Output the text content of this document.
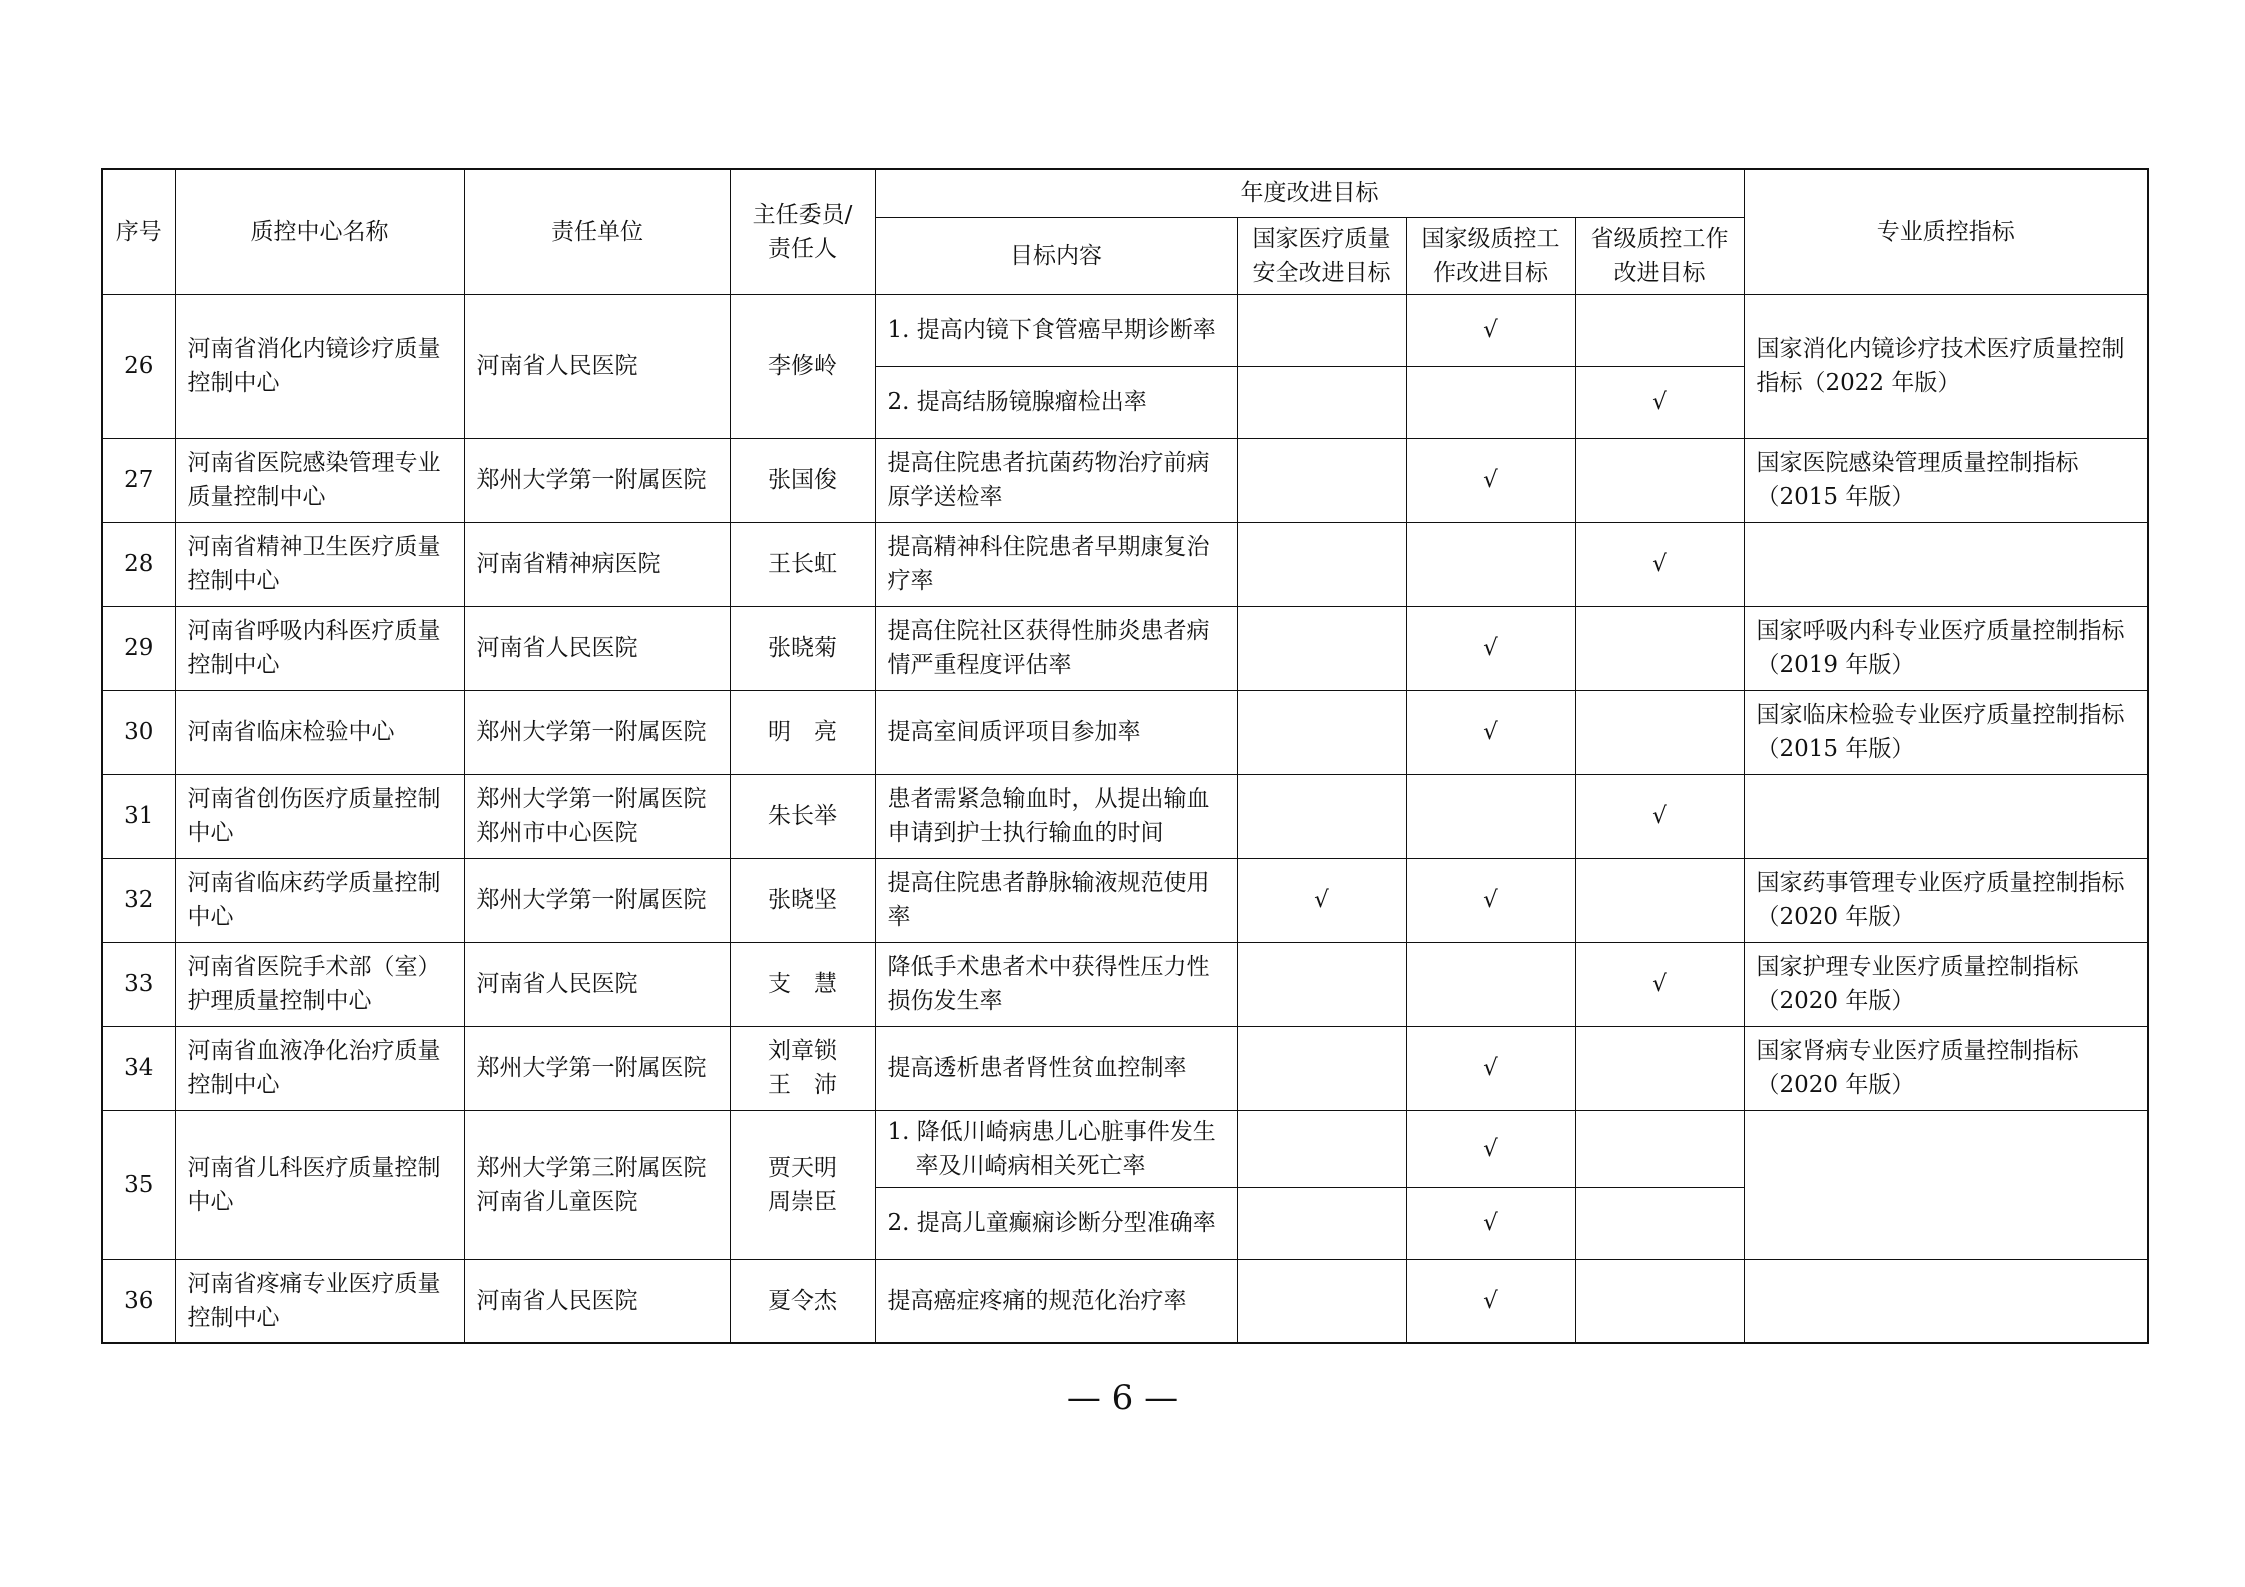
序号	质控中心名称	责任单位	主任委员/责任人	年度改进目标				专业质控指标
				目标内容	国家医疗质量安全改进目标	国家级质控工作改进目标	省级质控工作改进目标	
26	河南省消化内镜诊疗质量控制中心	河南省人民医院	李修岭	1. 提高内镜下食管癌早期诊断率		√		国家消化内镜诊疗技术医疗质量控制指标（2022 年版）
				2. 提高结肠镜腺瘤检出率			√	
27	河南省医院感染管理专业质量控制中心	郑州大学第一附属医院	张国俊	提高住院患者抗菌药物治疗前病原学送检率		√		国家医院感染管理质量控制指标（2015 年版）
28	河南省精神卫生医疗质量控制中心	河南省精神病医院	王长虹	提高精神科住院患者早期康复治疗率			√	
29	河南省呼吸内科医疗质量控制中心	河南省人民医院	张晓菊	提高住院社区获得性肺炎患者病情严重程度评估率		√		国家呼吸内科专业医疗质量控制指标（2019 年版）
30	河南省临床检验中心	郑州大学第一附属医院	明　亮	提高室间质评项目参加率		√		国家临床检验专业医疗质量控制指标（2015 年版）
31	河南省创伤医疗质量控制中心	郑州大学第一附属医院
郑州市中心医院	朱长举	患者需紧急输血时，从提出输血申请到护士执行输血的时间			√	
32	河南省临床药学质量控制中心	郑州大学第一附属医院	张晓坚	提高住院患者静脉输液规范使用率	√	√		国家药事管理专业医疗质量控制指标（2020 年版）
33	河南省医院手术部（室）护理质量控制中心	河南省人民医院	支　慧	降低手术患者术中获得性压力性损伤发生率			√	国家护理专业医疗质量控制指标（2020 年版）
34	河南省血液净化治疗质量控制中心	郑州大学第一附属医院	刘章锁
王　沛	提高透析患者肾性贫血控制率		√		国家肾病专业医疗质量控制指标（2020 年版）
35	河南省儿科医疗质量控制中心	郑州大学第三附属医院
河南省儿童医院	贾天明
周崇臣	1. 降低川崎病患儿心脏事件发生率及川崎病相关死亡率		√		
				2. 提高儿童癫痫诊断分型准确率		√		
36	河南省疼痛专业医疗质量控制中心	河南省人民医院	夏令杰	提高癌症疼痛的规范化治疗率		√		
— 6 —
